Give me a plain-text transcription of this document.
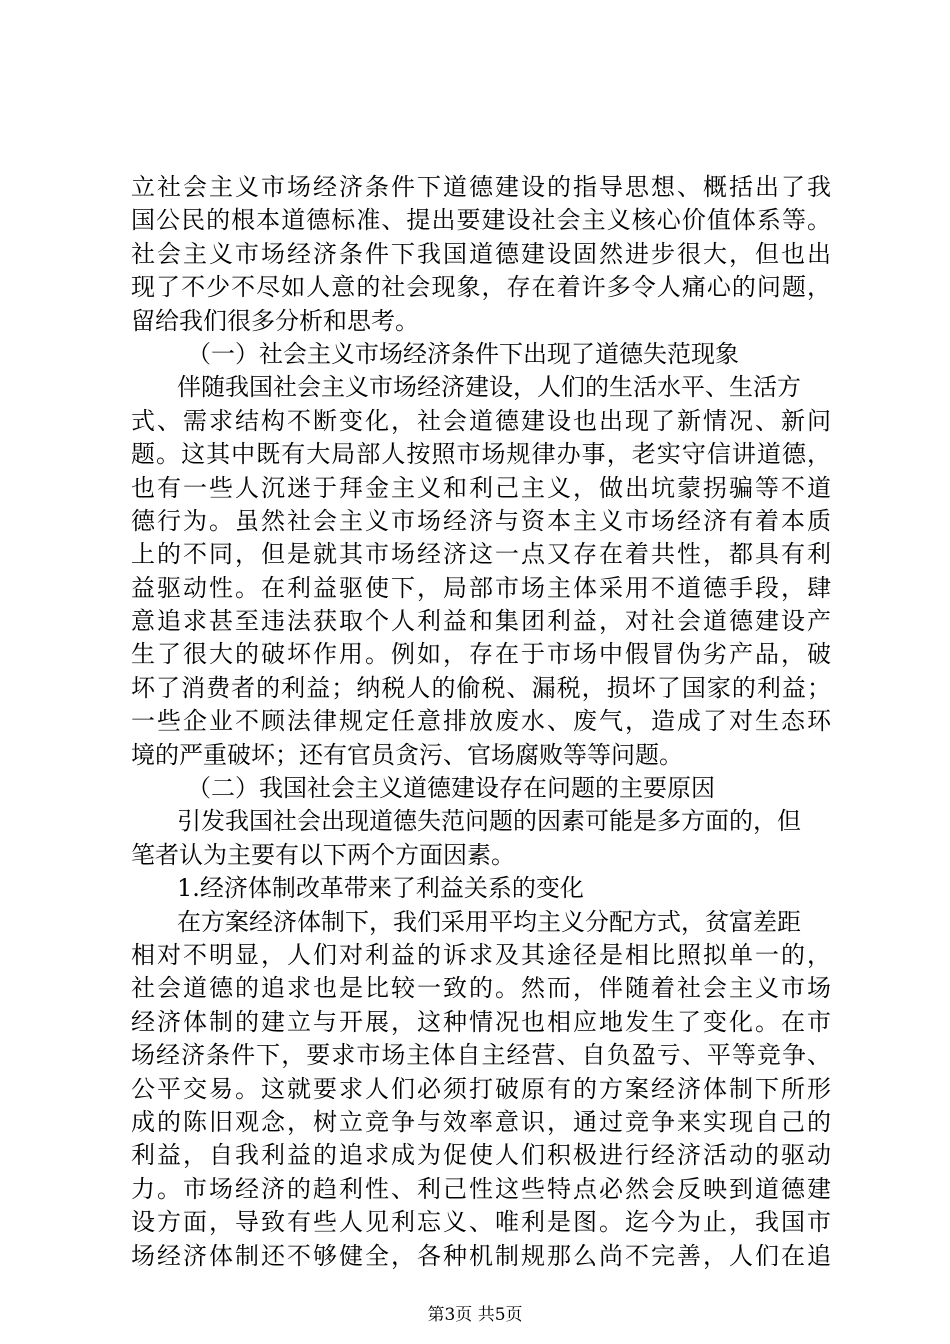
立社会主义市场经济条件下道德建设的指导思想、概括出了我
国公民的根本道德标准、提出要建设社会主义核心价值体系等。
社会主义市场经济条件下我国道德建设固然进步很大，但也出
现了不少不尽如人意的社会现象，存在着许多令人痛心的问题，
留给我们很多分析和思考。
（一）社会主义市场经济条件下出现了道德失范现象
伴随我国社会主义市场经济建设，人们的生活水平、生活方
式、需求结构不断变化，社会道德建设也出现了新情况、新问
题。这其中既有大局部人按照市场规律办事，老实守信讲道德，
也有一些人沉迷于拜金主义和利己主义，做出坑蒙拐骗等不道
德行为。虽然社会主义市场经济与资本主义市场经济有着本质
上的不同，但是就其市场经济这一点又存在着共性，都具有利
益驱动性。在利益驱使下，局部市场主体采用不道德手段，肆
意追求甚至违法获取个人利益和集团利益，对社会道德建设产
生了很大的破坏作用。例如，存在于市场中假冒伪劣产品，破
坏了消费者的利益；纳税人的偷税、漏税，损坏了国家的利益；
一些企业不顾法律规定任意排放废水、废气，造成了对生态环
境的严重破坏；还有官员贪污、官场腐败等等问题。
（二）我国社会主义道德建设存在问题的主要原因
引发我国社会出现道德失范问题的因素可能是多方面的，但
笔者认为主要有以下两个方面因素。
1.经济体制改革带来了利益关系的变化
在方案经济体制下，我们采用平均主义分配方式，贫富差距
相对不明显，人们对利益的诉求及其途径是相比照拟单一的，
社会道德的追求也是比较一致的。然而，伴随着社会主义市场
经济体制的建立与开展，这种情况也相应地发生了变化。在市
场经济条件下，要求市场主体自主经营、自负盈亏、平等竞争、
公平交易。这就要求人们必须打破原有的方案经济体制下所形
成的陈旧观念，树立竞争与效率意识，通过竞争来实现自己的
利益，自我利益的追求成为促使人们积极进行经济活动的驱动
力。市场经济的趋利性、利己性这些特点必然会反映到道德建
设方面，导致有些人见利忘义、唯利是图。迄今为止，我国市
场经济体制还不够健全，各种机制规那么尚不完善，人们在追
第3页 共5页
